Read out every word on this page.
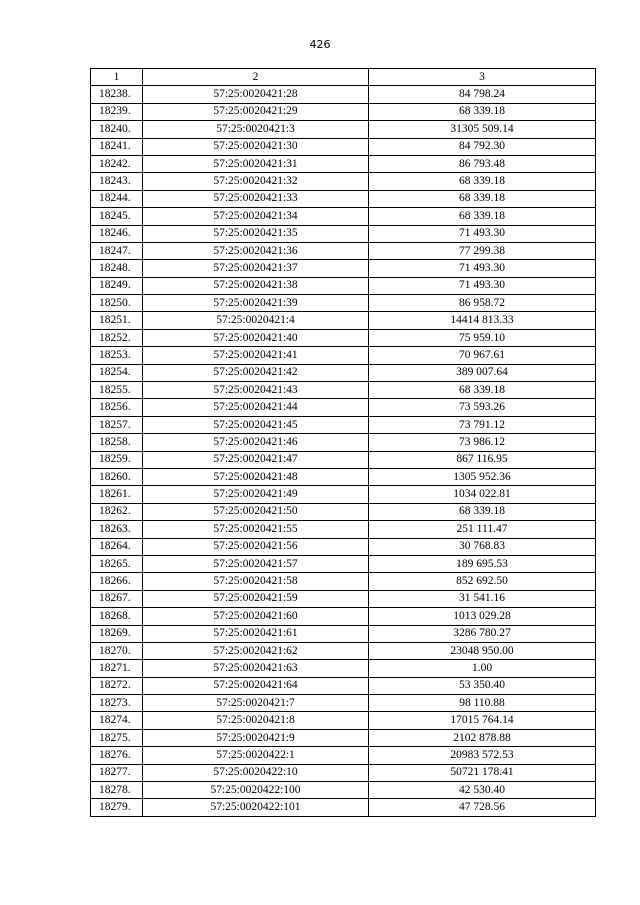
426
1	2	3
18238.	57:25:0020421:28	84 798.24
18239.	57:25:0020421:29	68 339.18
18240.	57:25:0020421:3	31305 509.14
18241.	57:25:0020421:30	84 792.30
18242.	57:25:0020421:31	86 793.48
18243.	57:25:0020421:32	68 339.18
18244.	57:25:0020421:33	68 339.18
18245.	57:25:0020421:34	68 339.18
18246.	57:25:0020421:35	71 493.30
18247.	57:25:0020421:36	77 299.38
18248.	57:25:0020421:37	71 493.30
18249.	57:25:0020421:38	71 493.30
18250.	57:25:0020421:39	86 958.72
18251.	57:25:0020421:4	14414 813.33
18252.	57:25:0020421:40	75 959.10
18253.	57:25:0020421:41	70 967.61
18254.	57:25:0020421:42	389 007.64
18255.	57:25:0020421:43	68 339.18
18256.	57:25:0020421:44	73 593.26
18257.	57:25:0020421:45	73 791.12
18258.	57:25:0020421:46	73 986.12
18259.	57:25:0020421:47	867 116.95
18260.	57:25:0020421:48	1305 952.36
18261.	57:25:0020421:49	1034 022.81
18262.	57:25:0020421:50	68 339.18
18263.	57:25:0020421:55	251 111.47
18264.	57:25:0020421:56	30 768.83
18265.	57:25:0020421:57	189 695.53
18266.	57:25:0020421:58	852 692.50
18267.	57:25:0020421:59	31 541.16
18268.	57:25:0020421:60	1013 029.28
18269.	57:25:0020421:61	3286 780.27
18270.	57:25:0020421:62	23048 950.00
18271.	57:25:0020421:63	1.00
18272.	57:25:0020421:64	53 350.40
18273.	57:25:0020421:7	98 110.88
18274.	57:25:0020421:8	17015 764.14
18275.	57:25:0020421:9	2102 878.88
18276.	57:25:0020422:1	20983 572.53
18277.	57:25:0020422:10	50721 178.41
18278.	57:25:0020422:100	42 530.40
18279.	57:25:0020422:101	47 728.56
